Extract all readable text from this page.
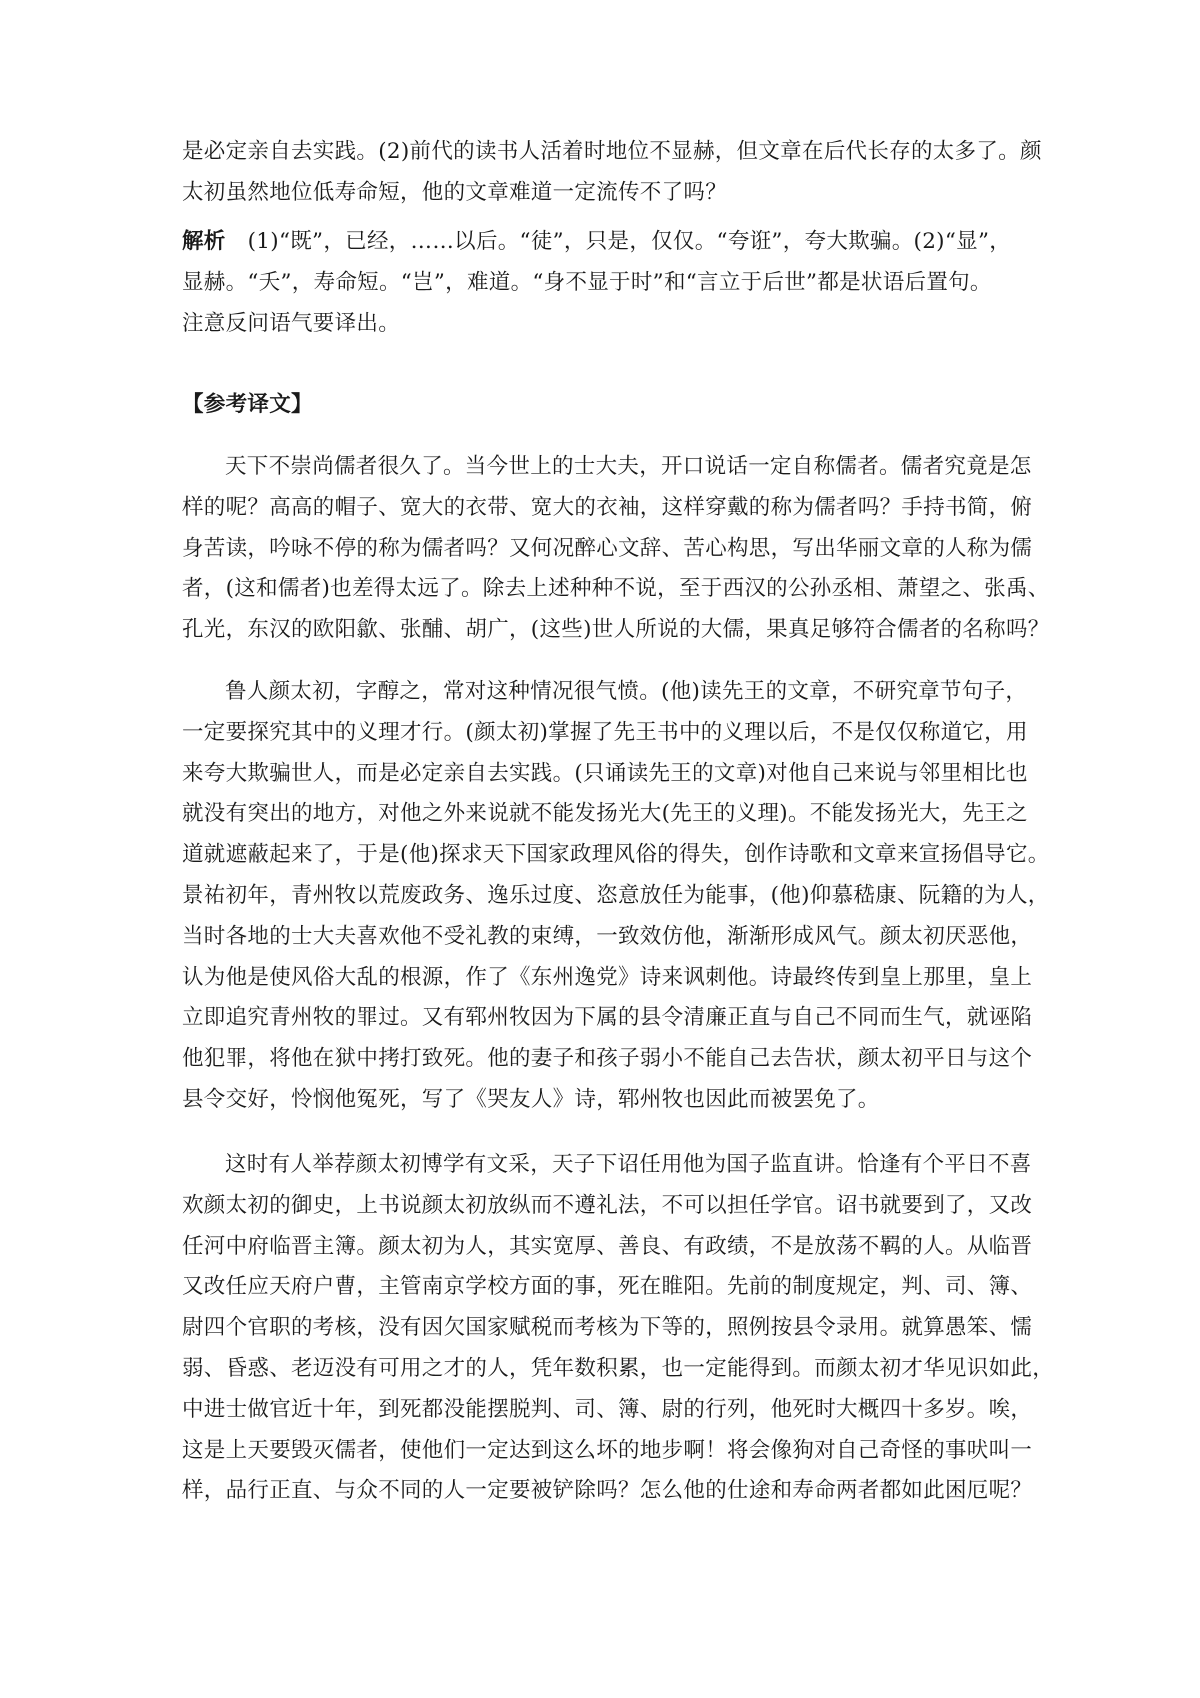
是必定亲自去实践。(2)前代的读书人活着时地位不显赫，但文章在后代长存的太多了。颜
太初虽然地位低寿命短，他的文章难道一定流传不了吗？
解析 (1)“既”，已经，……以后。“徒”，只是，仅仅。“夸诳”，夸大欺骗。(2)“显”，
显赫。“夭”，寿命短。“岂”，难道。“身不显于时”和“言立于后世”都是状语后置句。
注意反问语气要译出。
【参考译文】
天下不崇尚儒者很久了。当今世上的士大夫，开口说话一定自称儒者。儒者究竟是怎
样的呢？高高的帽子、宽大的衣带、宽大的衣袖，这样穿戴的称为儒者吗？手持书简，俯
身苦读，吟咏不停的称为儒者吗？又何况醉心文辞、苦心构思，写出华丽文章的人称为儒
者，(这和儒者)也差得太远了。除去上述种种不说，至于西汉的公孙丞相、萧望之、张禹、
孔光，东汉的欧阳歙、张酺、胡广，(这些)世人所说的大儒，果真足够符合儒者的名称吗？
鲁人颜太初，字醇之，常对这种情况很气愤。(他)读先王的文章，不研究章节句子，
一定要探究其中的义理才行。(颜太初)掌握了先王书中的义理以后，不是仅仅称道它，用
来夸大欺骗世人，而是必定亲自去实践。(只诵读先王的文章)对他自己来说与邻里相比也
就没有突出的地方，对他之外来说就不能发扬光大(先王的义理)。不能发扬光大，先王之
道就遮蔽起来了，于是(他)探求天下国家政理风俗的得失，创作诗歌和文章来宣扬倡导它。
景祐初年，青州牧以荒废政务、逸乐过度、恣意放任为能事，(他)仰慕嵇康、阮籍的为人，
当时各地的士大夫喜欢他不受礼教的束缚，一致效仿他，渐渐形成风气。颜太初厌恶他，
认为他是使风俗大乱的根源，作了《东州逸党》诗来讽刺他。诗最终传到皇上那里，皇上
立即追究青州牧的罪过。又有郓州牧因为下属的县令清廉正直与自己不同而生气，就诬陷
他犯罪，将他在狱中拷打致死。他的妻子和孩子弱小不能自己去告状，颜太初平日与这个
县令交好，怜悯他冤死，写了《哭友人》诗，郓州牧也因此而被罢免了。
这时有人举荐颜太初博学有文采，天子下诏任用他为国子监直讲。恰逢有个平日不喜
欢颜太初的御史，上书说颜太初放纵而不遵礼法，不可以担任学官。诏书就要到了，又改
任河中府临晋主簿。颜太初为人，其实宽厚、善良、有政绩，不是放荡不羁的人。从临晋
又改任应天府户曹，主管南京学校方面的事，死在睢阳。先前的制度规定，判、司、簿、
尉四个官职的考核，没有因欠国家赋税而考核为下等的，照例按县令录用。就算愚笨、懦
弱、昏惑、老迈没有可用之才的人，凭年数积累，也一定能得到。而颜太初才华见识如此，
中进士做官近十年，到死都没能摆脱判、司、簿、尉的行列，他死时大概四十多岁。唉，
这是上天要毁灭儒者，使他们一定达到这么坏的地步啊！将会像狗对自己奇怪的事吠叫一
样，品行正直、与众不同的人一定要被铲除吗？怎么他的仕途和寿命两者都如此困厄呢？
